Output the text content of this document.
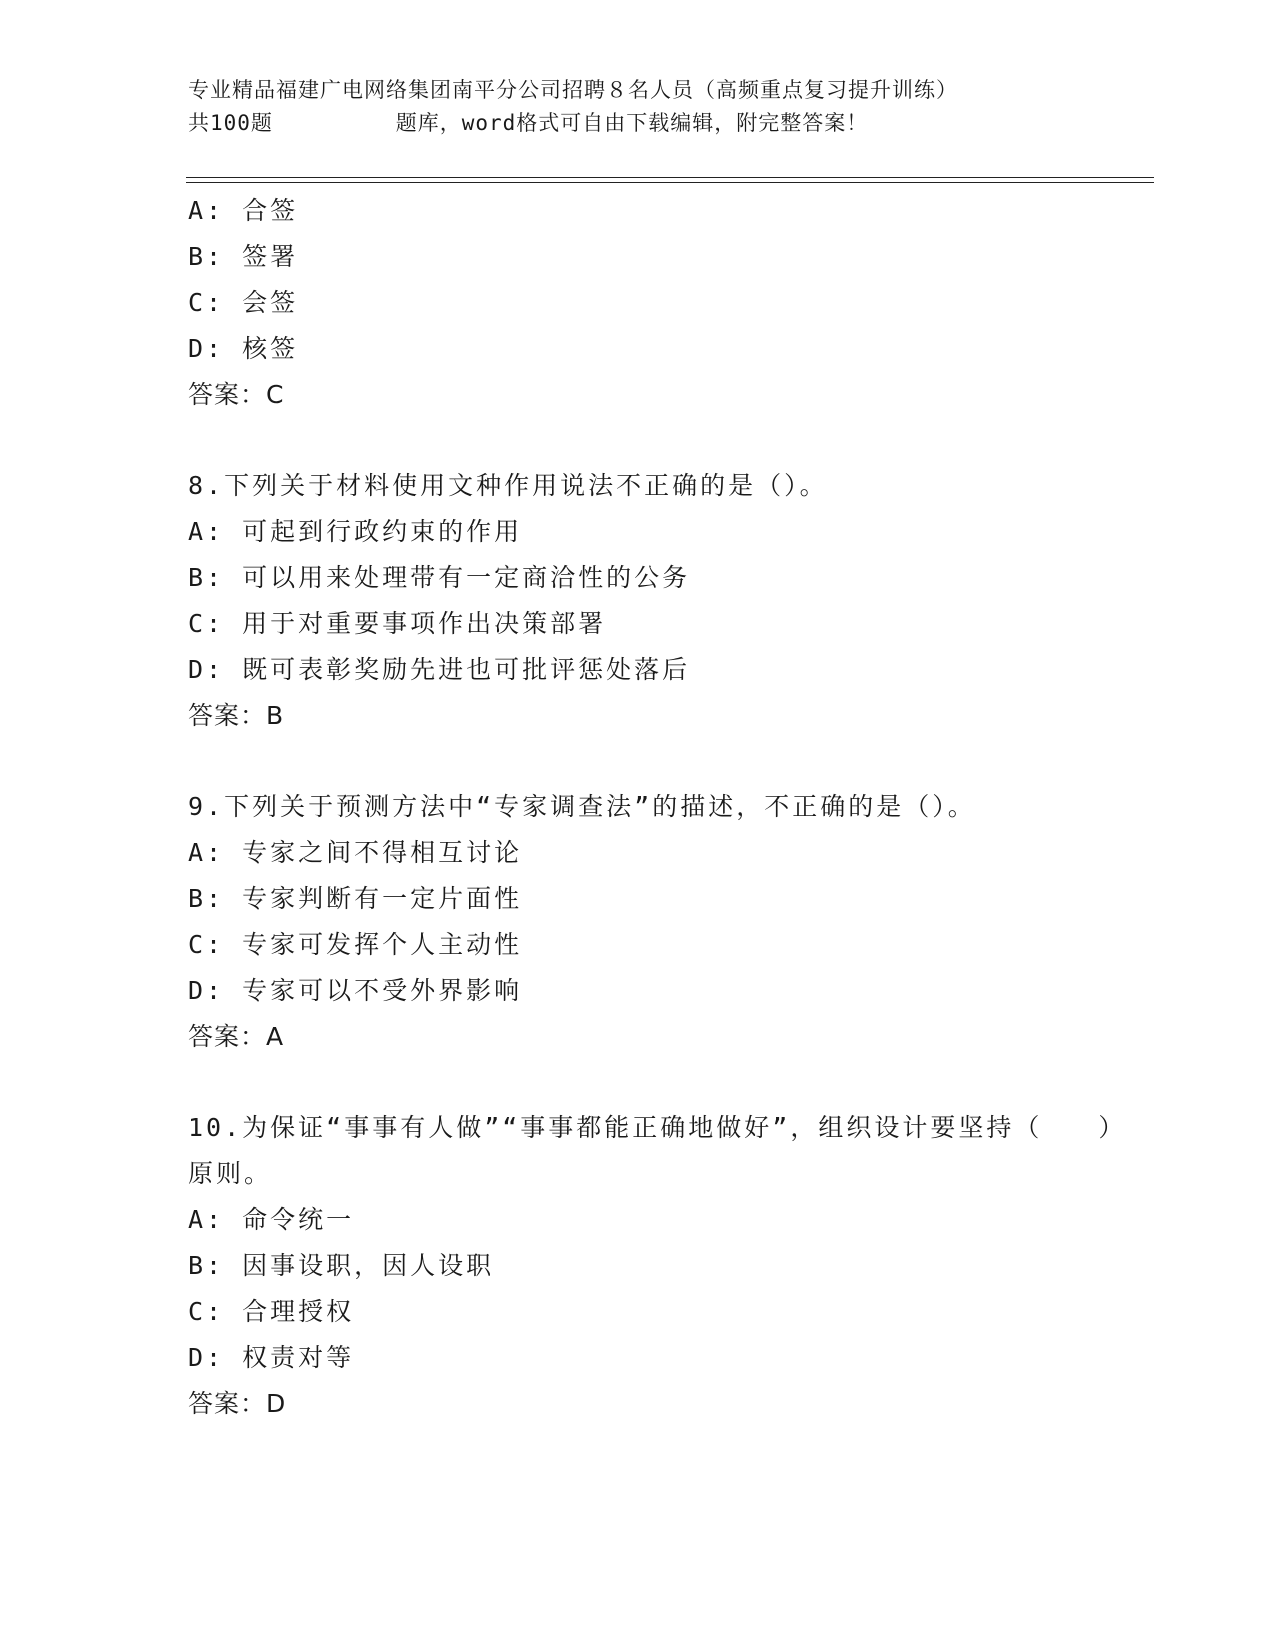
专业精品福建广电网络集团南平分公司招聘８名人员（高频重点复习提升训练）
共100题         题库，word格式可自由下载编辑，附完整答案！
A: 合签
B: 签署
C: 会签
D: 核签
答案：C
8.下列关于材料使用文种作用说法不正确的是（）。
A: 可起到行政约束的作用
B: 可以用来处理带有一定商洽性的公务
C: 用于对重要事项作出决策部署
D: 既可表彰奖励先进也可批评惩处落后
答案：B
9.下列关于预测方法中“专家调查法”的描述，不正确的是（）。
A: 专家之间不得相互讨论
B: 专家判断有一定片面性
C: 专家可发挥个人主动性
D: 专家可以不受外界影响
答案：A
10.为保证“事事有人做”“事事都能正确地做好”，组织设计要坚持（　　）原则。
A: 命令统一
B: 因事设职，因人设职
C: 合理授权
D: 权责对等
答案：D
